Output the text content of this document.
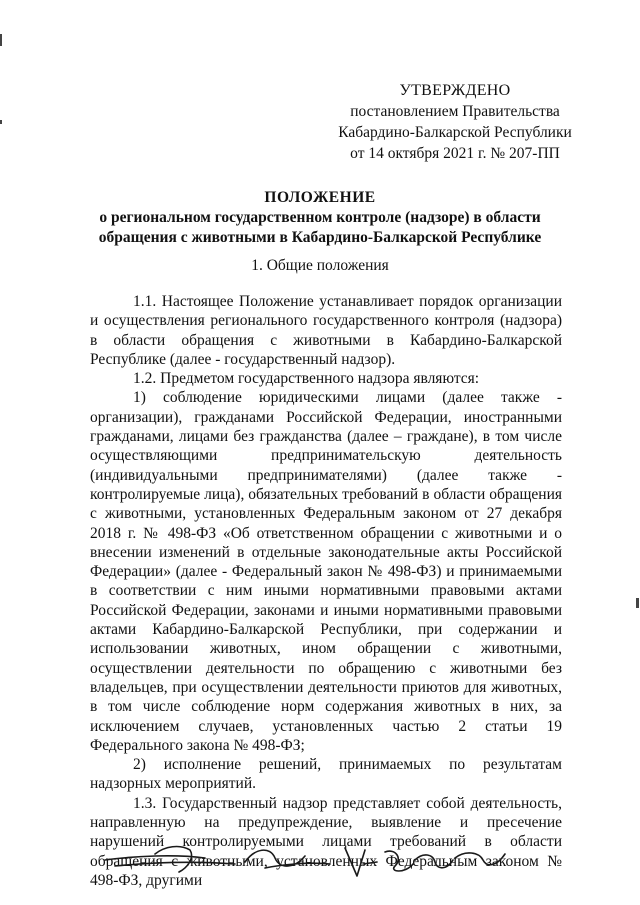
УТВЕРЖДЕНО
постановлением Правительства
Кабардино-Балкарской Республики
от 14 октября 2021 г. № 207-ПП
ПОЛОЖЕНИЕ
о региональном государственном контроле (надзоре) в области обращения с животными в Кабардино-Балкарской Республике
1. Общие положения

1.1. Настоящее Положение устанавливает порядок организации и осуществления регионального государственного контроля (надзора) в области обращения с животными в Кабардино-Балкарской Республике (далее - государственный надзор).

1.2. Предметом государственного надзора являются:

1) соблюдение юридическими лицами (далее также - организации), гражданами Российской Федерации, иностранными гражданами, лицами без гражданства (далее – граждане), в том числе осуществляющими предпринимательскую деятельность (индивидуальными предпринимателями) (далее также - контролируемые лица), обязательных требований в области обращения с животными, установленных Федеральным законом от 27 декабря 2018 г. № 498-ФЗ «Об ответственном обращении с животными и о внесении изменений в отдельные законодательные акты Российской Федерации» (далее - Федеральный закон № 498-ФЗ) и принимаемыми в соответствии с ним иными нормативными правовыми актами Российской Федерации, законами и иными нормативными правовыми актами Кабардино-Балкарской Республики, при содержании и использовании животных, ином обращении с животными, осуществлении деятельности по обращению с животными без владельцев, при осуществлении деятельности приютов для животных, в том числе соблюдение норм содержания животных в них, за исключением случаев, установленных частью 2 статьи 19 Федерального закона № 498-ФЗ;

2) исполнение решений, принимаемых по результатам надзорных мероприятий.

1.3. Государственный надзор представляет собой деятельность, направленную на предупреждение, выявление и пресечение нарушений контролируемыми лицами требований в области обращения с животными, установленных Федеральным законом № 498-ФЗ, другими
